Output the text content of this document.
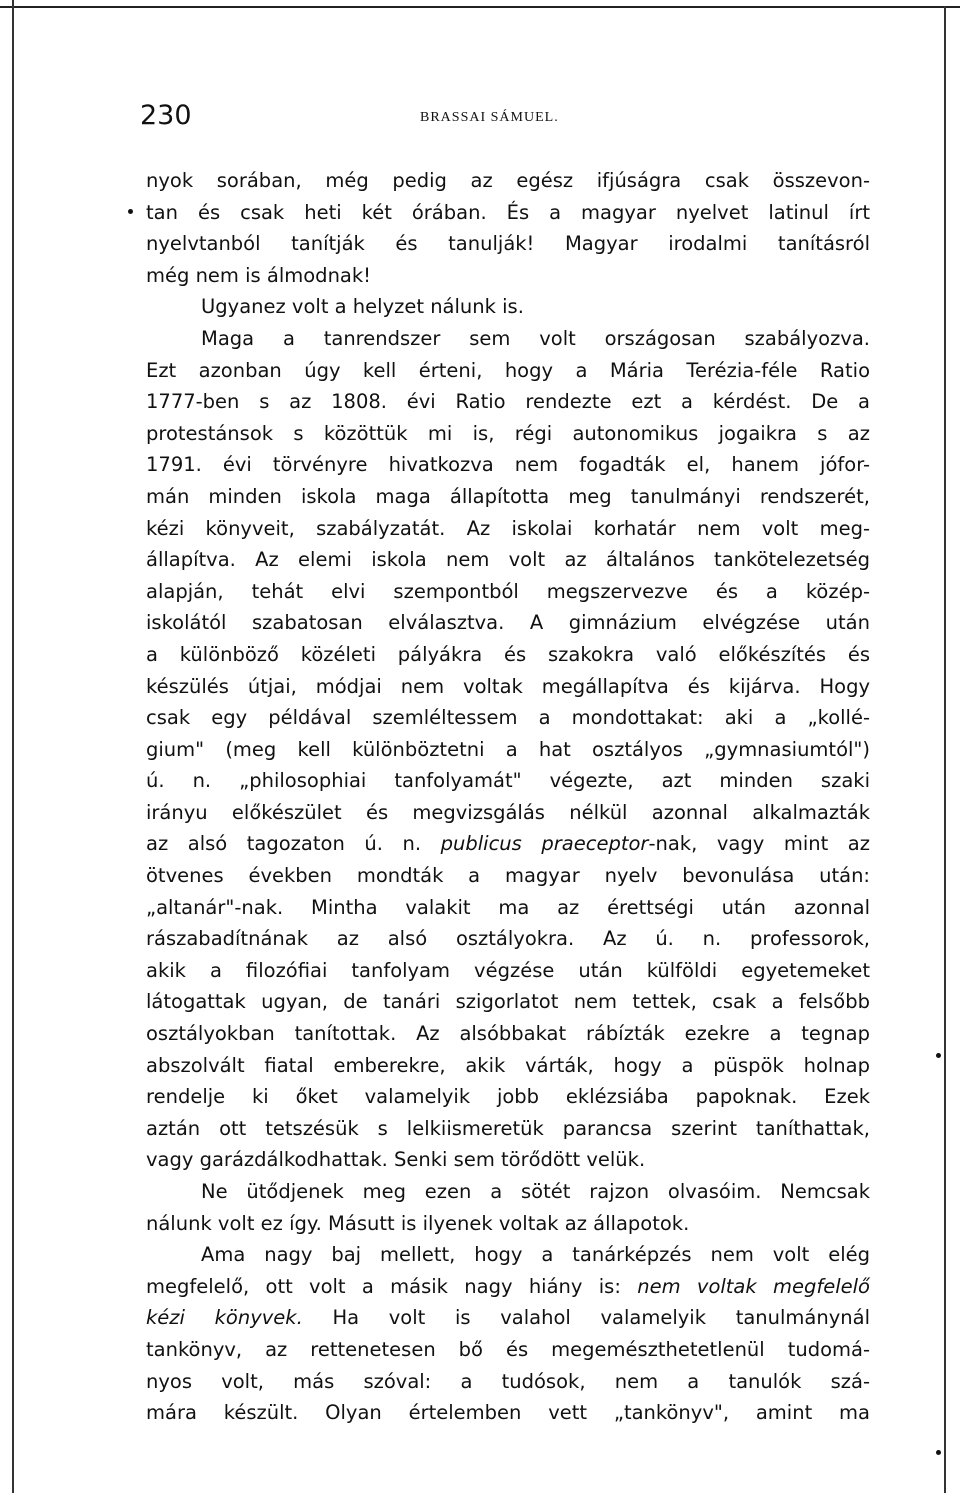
230	BRASSAI SÁMUEL.
nyok sorában, még pedig az egész ifjúságra csak összevon-
tan és csak heti két órában. És a magyar nyelvet latinul írt
nyelvtanból tanítják és tanulják! Magyar irodalmi tanításról
még nem is álmodnak!
Ugyanez volt a helyzet nálunk is.
Maga a tanrendszer sem volt országosan szabályozva.
Ezt azonban úgy kell érteni, hogy a Mária Terézia-féle Ratio
1777-ben s az 1808. évi Ratio rendezte ezt a kérdést. De a
protestánsok s közöttük mi is, régi autonomikus jogaikra s az
1791. évi törvényre hivatkozva nem fogadták el, hanem jófor-
mán minden iskola maga állapította meg tanulmányi rendszerét,
kézi könyveit, szabályzatát. Az iskolai korhatár nem volt meg-
állapítva. Az elemi iskola nem volt az általános tankötelezetség
alapján, tehát elvi szempontból megszervezve és a közép-
iskolától szabatosan elválasztva. A gimnázium elvégzése után
a különböző közéleti pályákra és szakokra való előkészítés és
készülés útjai, módjai nem voltak megállapítva és kijárva. Hogy
csak egy példával szemléltessem a mondottakat: aki a „kollé-
gium" (meg kell különböztetni a hat osztályos „gymnasiumtól")
ú. n. „philosophiai tanfolyamát" végezte, azt minden szaki
irányu előkészület és megvizsgálás nélkül azonnal alkalmazták
az alsó tagozaton ú. n. publicus praeceptor-nak, vagy mint az
ötvenes években mondták a magyar nyelv bevonulása után:
„altanár"-nak. Mintha valakit ma az érettségi után azonnal
rászabadítnának az alsó osztályokra. Az ú. n. professorok,
akik a filozófiai tanfolyam végzése után külföldi egyetemeket
látogattak ugyan, de tanári szigorlatot nem tettek, csak a felsőbb
osztályokban tanítottak. Az alsóbbakat rábízták ezekre a tegnap
abszolvált fiatal emberekre, akik várták, hogy a püspök holnap
rendelje ki őket valamelyik jobb eklézsiába papoknak. Ezek
aztán ott tetszésük s lelkiismeretük parancsa szerint taníthattak,
vagy garázdálkodhattak. Senki sem törődött velük.
Ne ütődjenek meg ezen a sötét rajzon olvasóim. Nemcsak
nálunk volt ez így. Másutt is ilyenek voltak az állapotok.
Ama nagy baj mellett, hogy a tanárképzés nem volt elég
megfelelő, ott volt a másik nagy hiány is: nem voltak megfelelő
kézi könyvek. Ha volt is valahol valamelyik tanulmánynál
tankönyv, az rettenetesen bő és megemészthetetlenül tudomá-
nyos volt, más szóval: a tudósok, nem a tanulók szá-
mára készült. Olyan értelemben vett „tankönyv", amint ma
